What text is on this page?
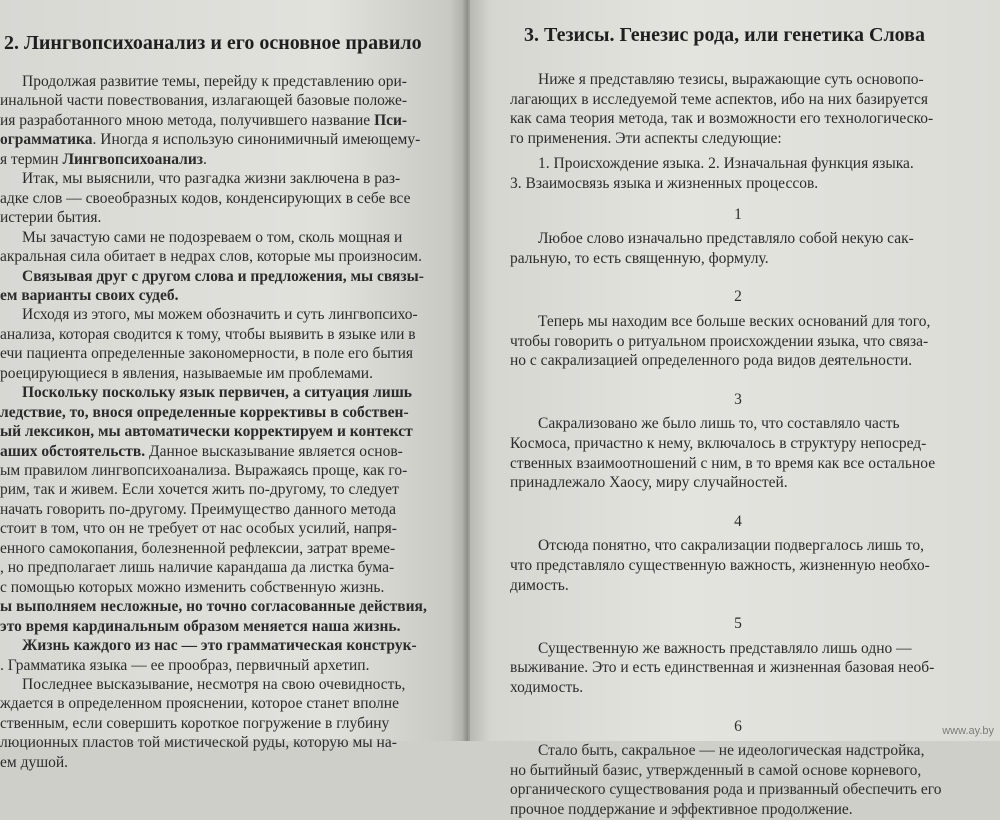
2. Лингвопсихоанализ и его основное правило
Продолжая развитие темы, перейду к представлению ори-
инальной части повествования, излагающей базовые положе-
ия разработанного мною метода, получившего название Пси-
ограмматика. Иногда я использую синонимичный имеющему-
я термин Лингвопсихоанализ.
Итак, мы выяснили, что разгадка жизни заключена в раз-
адке слов — своеобразных кодов, конденсирующих в себе все
истерии бытия.
Мы зачастую сами не подозреваем о том, сколь мощная и
акральная сила обитает в недрах слов, которые мы произносим.
Связывая друг с другом слова и предложения, мы связы-
ем варианты своих судеб.
Исходя из этого, мы можем обозначить и суть лингвопсихо-
анализа, которая сводится к тому, чтобы выявить в языке или в
ечи пациента определенные закономерности, в поле его бытия
роецирующиеся в явления, называемые им проблемами.
Поскольку поскольку язык первичен, а ситуация лишь
ледствие, то, внося определенные коррективы в собствен-
ый лексикон, мы автоматически корректируем и контекст
аших обстоятельств. Данное высказывание является основ-
ым правилом лингвопсихоанализа. Выражаясь проще, как го-
рим, так и живем. Если хочется жить по-другому, то следует
начать говорить по-другому. Преимущество данного метода
стоит в том, что он не требует от нас особых усилий, напря-
енного самокопания, болезненной рефлексии, затрат време-
, но предполагает лишь наличие карандаша да листка бума-
с помощью которых можно изменить собственную жизнь.
ы выполняем несложные, но точно согласованные действия,
это время кардинальным образом меняется наша жизнь.
Жизнь каждого из нас — это грамматическая конструк-
. Грамматика языка — ее прообраз, первичный архетип.
Последнее высказывание, несмотря на свою очевидность,
ждается в определенном прояснении, которое станет вполне
ственным, если совершить короткое погружение в глубину
люционных пластов той мистической руды, которую мы на-
ем душой.
3. Тезисы. Генезис рода, или генетика Слова
Ниже я представляю тезисы, выражающие суть основопо-
лагающих в исследуемой теме аспектов, ибо на них базируется
как сама теория метода, так и возможности его технологическо-
го применения. Эти аспекты следующие:
1. Происхождение языка. 2. Изначальная функция языка.
3. Взаимосвязь языка и жизненных процессов.
1
Любое слово изначально представляло собой некую сак-
ральную, то есть священную, формулу.
2
Теперь мы находим все больше веских оснований для того,
чтобы говорить о ритуальном происхождении языка, что связа-
но с сакрализацией определенного рода видов деятельности.
3
Сакрализовано же было лишь то, что составляло часть
Космоса, причастно к нему, включалось в структуру непосред-
ственных взаимоотношений с ним, в то время как все остальное
принадлежало Хаосу, миру случайностей.
4
Отсюда понятно, что сакрализации подвергалось лишь то,
что представляло существенную важность, жизненную необхо-
димость.
5
Существенную же важность представляло лишь одно —
выживание. Это и есть единственная и жизненная базовая необ-
ходимость.
6
Стало быть, сакральное — не идеологическая надстройка,
но бытийный базис, утвержденный в самой основе корневого,
органического существования рода и призванный обеспечить его
прочное поддержание и эффективное продолжение.
www.ay.by
